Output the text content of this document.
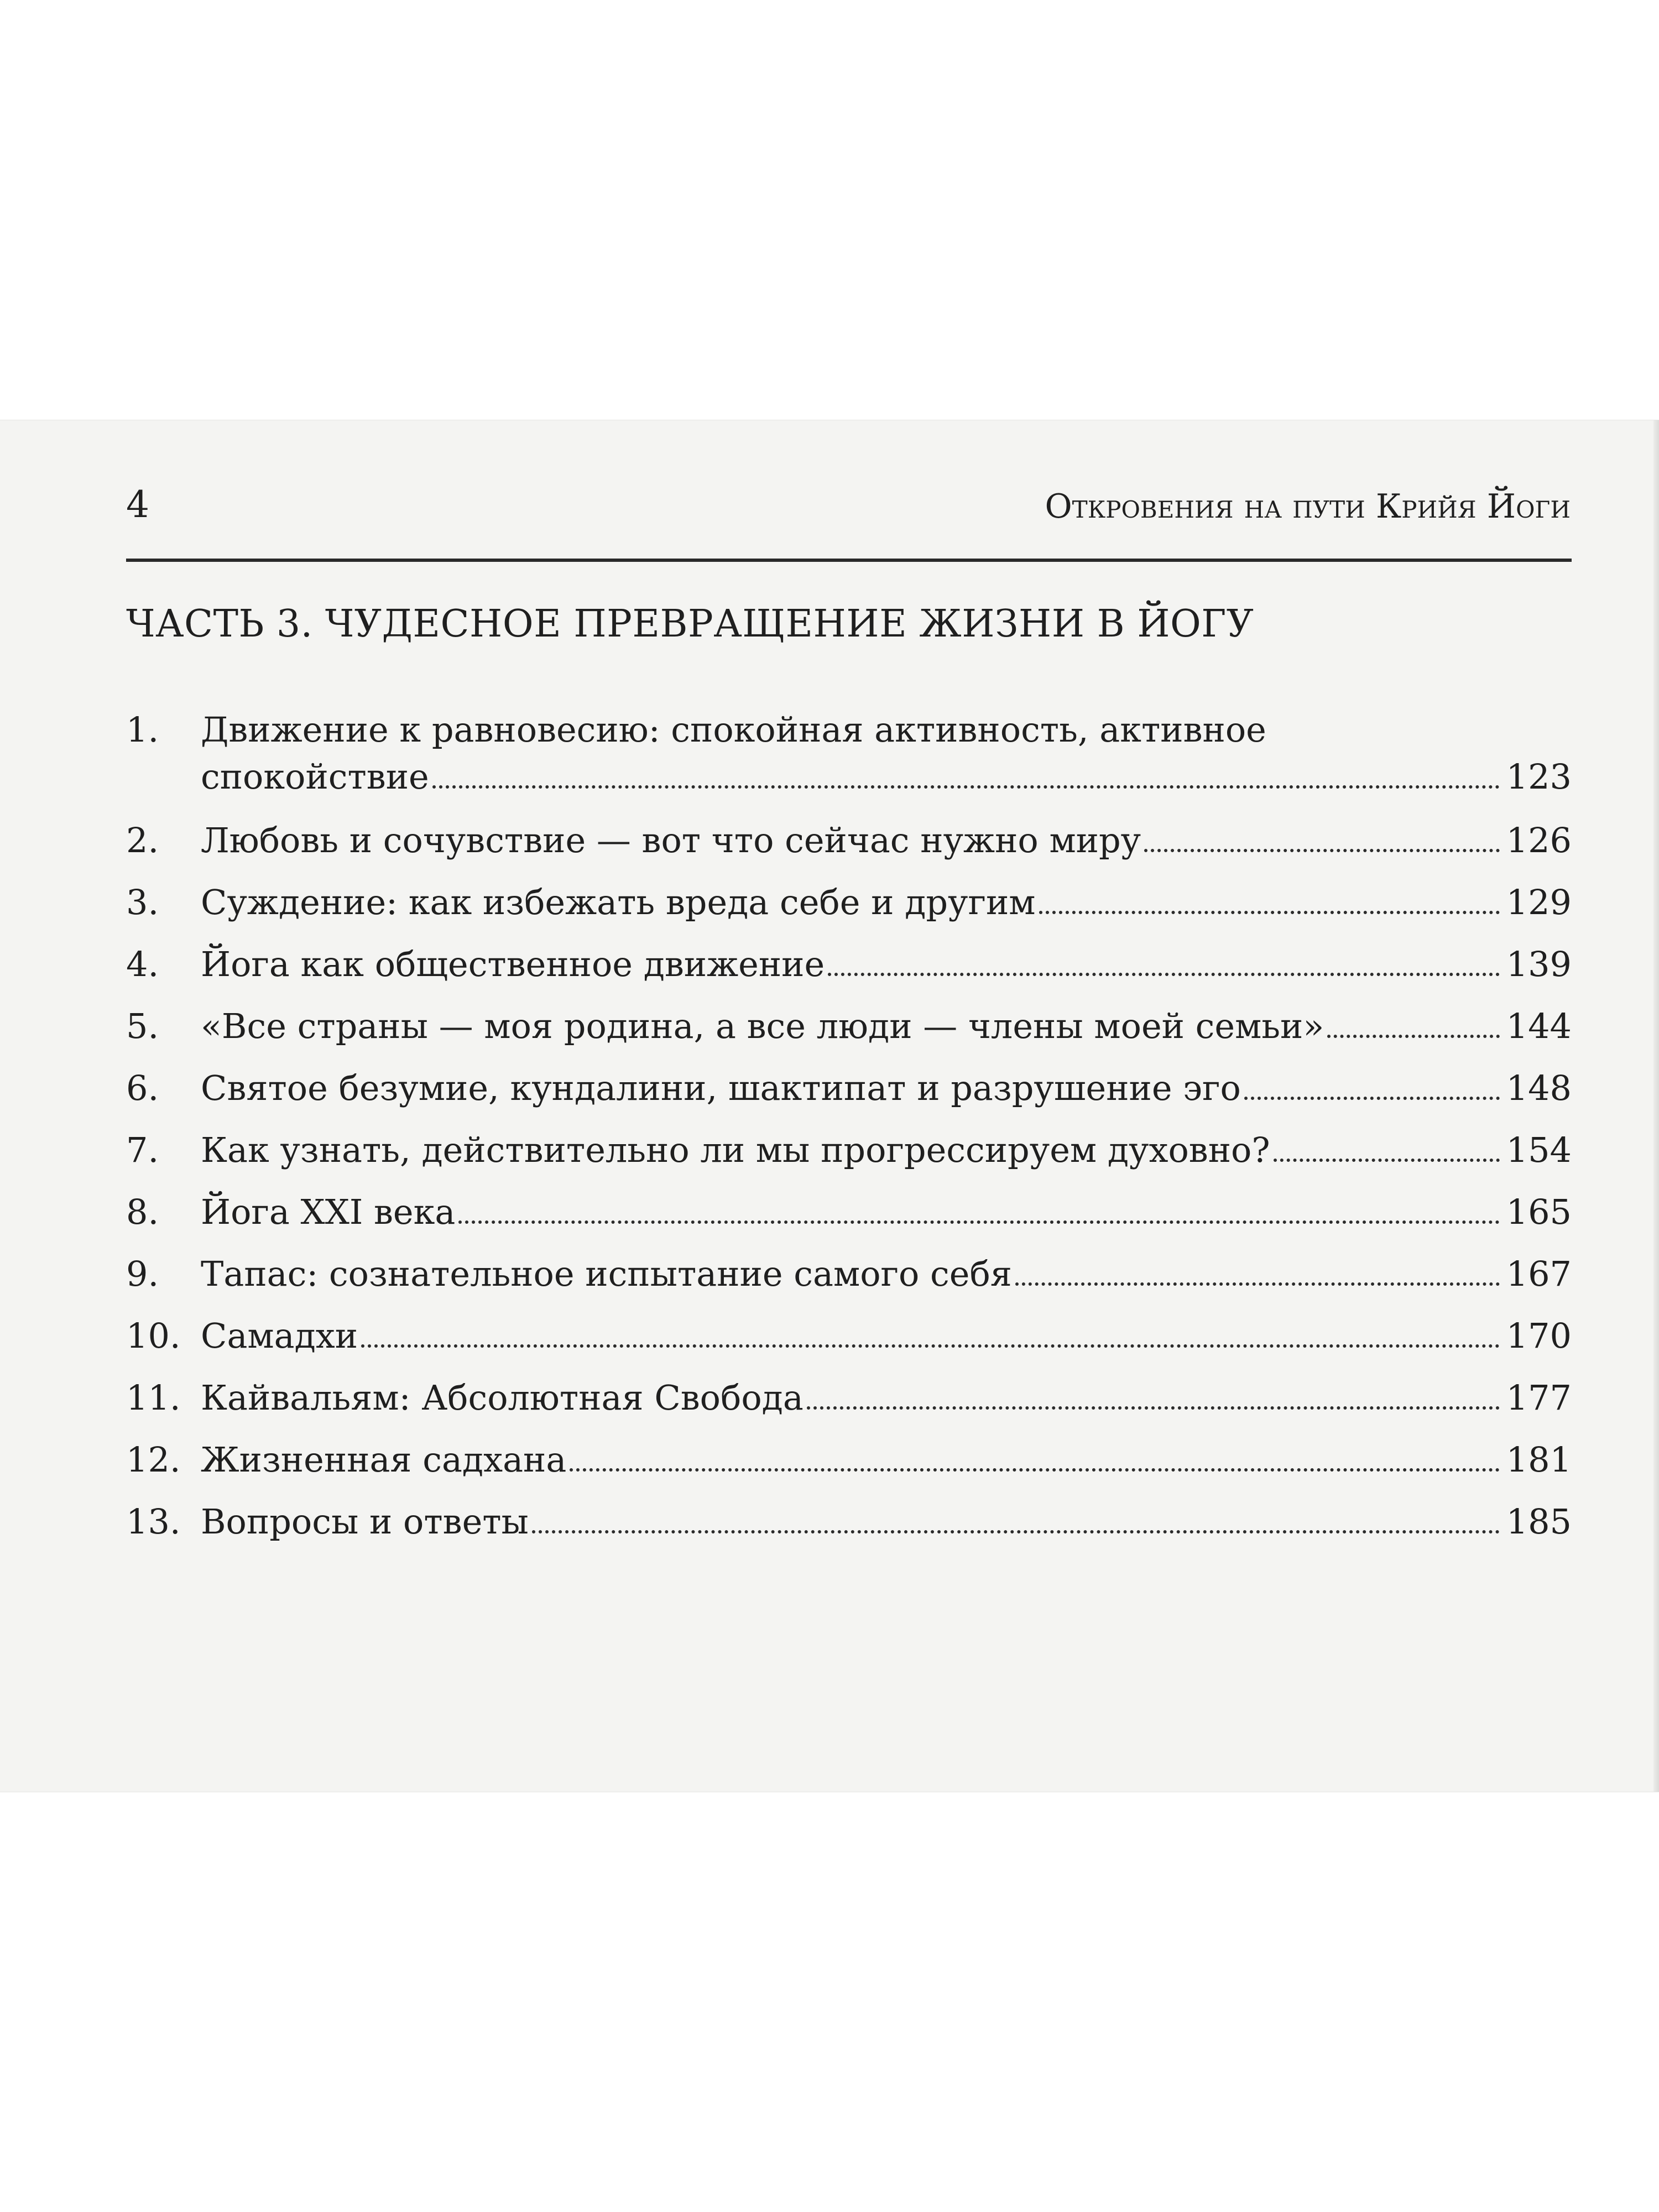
4	Откровения на пути Крийя Йоги
ЧАСТЬ 3. ЧУДЕСНОЕ ПРЕВРАЩЕНИЕ ЖИЗНИ В ЙОГУ
1. Движение к равновесию: спокойная активность, активное
спокойствие	123
2. Любовь и сочувствие — вот что сейчас нужно миру	126
3. Суждение: как избежать вреда себе и другим	129
4. Йога как общественное движение	139
5. «Все страны — моя родина, а все люди — члены моей семьи»	144
6. Святое безумие, кундалини, шактипат и разрушение эго	148
7. Как узнать, действительно ли мы прогрессируем духовно?	154
8. Йога XXI века	165
9. Тапас: сознательное испытание самого себя	167
10. Самадхи	170
11. Кайвальям: Абсолютная Свобода	177
12. Жизненная садхана	181
13. Вопросы и ответы	185
